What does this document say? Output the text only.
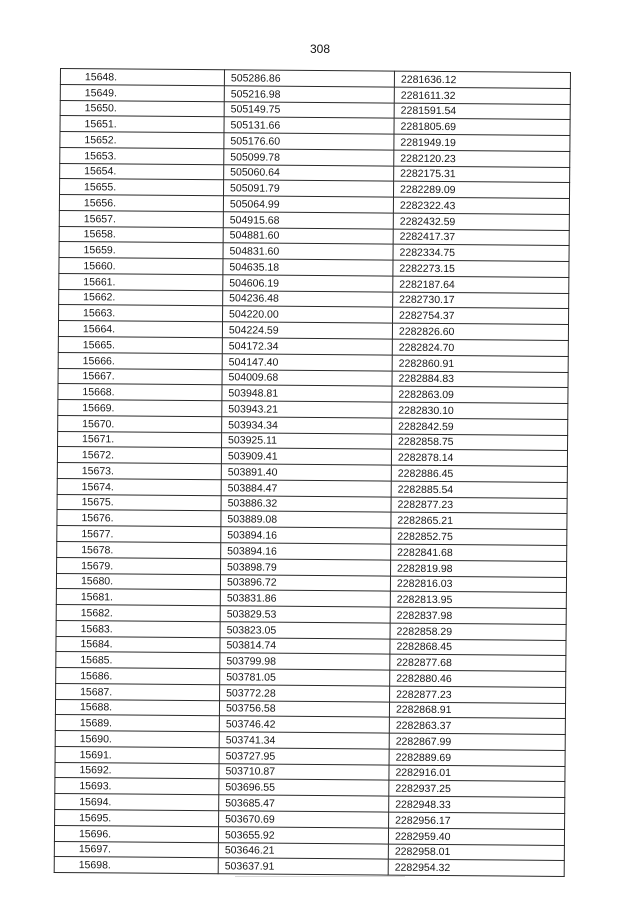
308
15648.	505286.86	2281636.12
15649.	505216.98	2281611.32
15650.	505149.75	2281591.54
15651.	505131.66	2281805.69
15652.	505176.60	2281949.19
15653.	505099.78	2282120.23
15654.	505060.64	2282175.31
15655.	505091.79	2282289.09
15656.	505064.99	2282322.43
15657.	504915.68	2282432.59
15658.	504881.60	2282417.37
15659.	504831.60	2282334.75
15660.	504635.18	2282273.15
15661.	504606.19	2282187.64
15662.	504236.48	2282730.17
15663.	504220.00	2282754.37
15664.	504224.59	2282826.60
15665.	504172.34	2282824.70
15666.	504147.40	2282860.91
15667.	504009.68	2282884.83
15668.	503948.81	2282863.09
15669.	503943.21	2282830.10
15670.	503934.34	2282842.59
15671.	503925.11	2282858.75
15672.	503909.41	2282878.14
15673.	503891.40	2282886.45
15674.	503884.47	2282885.54
15675.	503886.32	2282877.23
15676.	503889.08	2282865.21
15677.	503894.16	2282852.75
15678.	503894.16	2282841.68
15679.	503898.79	2282819.98
15680.	503896.72	2282816.03
15681.	503831.86	2282813.95
15682.	503829.53	2282837.98
15683.	503823.05	2282858.29
15684.	503814.74	2282868.45
15685.	503799.98	2282877.68
15686.	503781.05	2282880.46
15687.	503772.28	2282877.23
15688.	503756.58	2282868.91
15689.	503746.42	2282863.37
15690.	503741.34	2282867.99
15691.	503727.95	2282889.69
15692.	503710.87	2282916.01
15693.	503696.55	2282937.25
15694.	503685.47	2282948.33
15695.	503670.69	2282956.17
15696.	503655.92	2282959.40
15697.	503646.21	2282958.01
15698.	503637.91	2282954.32
